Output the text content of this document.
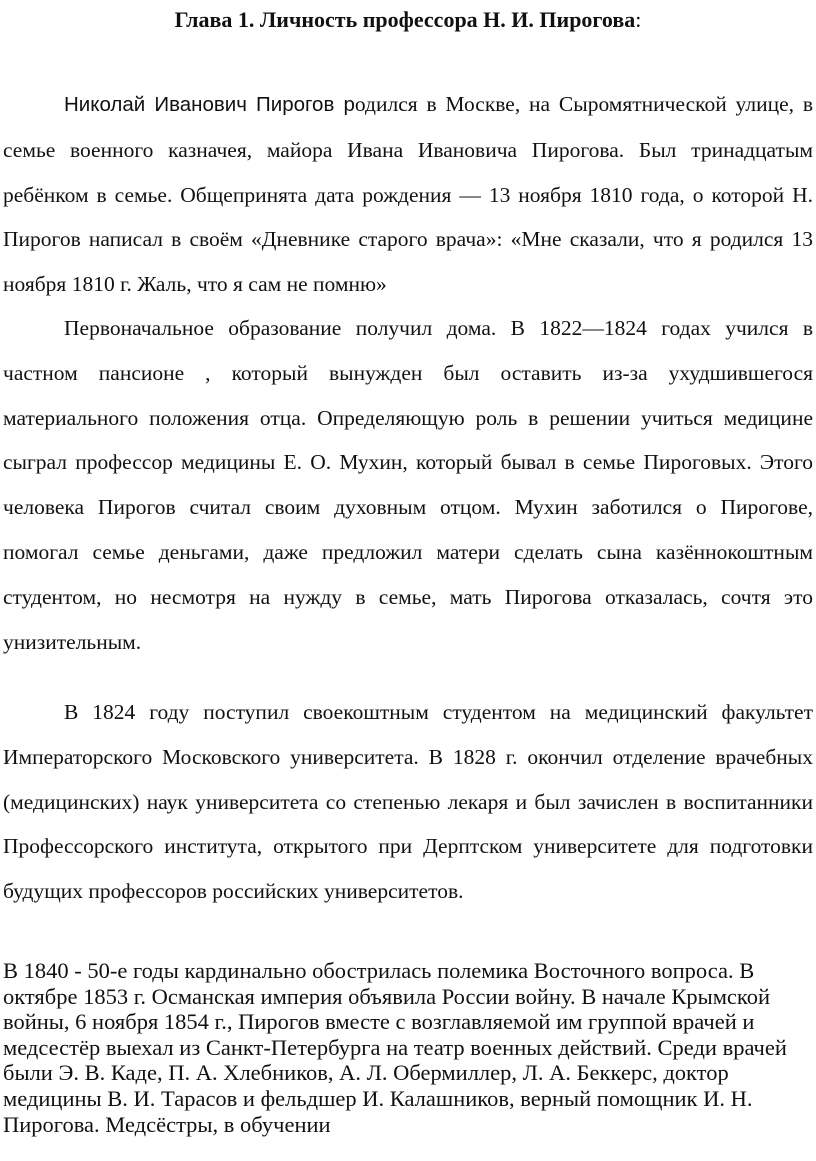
Глава 1. Личность профессора Н. И. Пирогова:

Николай Иванович Пирогов родился в Москве, на Сыромятнической улице, в семье военного казначея, майора Ивана Ивановича Пирогова. Был тринадцатым ребёнком в семье. Общепринята дата рождения — 13 ноября 1810 года, о которой Н. Пирогов написал в своём «Дневнике старого врача»: «Мне сказали, что я родился 13 ноября 1810 г. Жаль, что я сам не помню»

Первоначальное образование получил дома. В 1822—1824 годах учился в частном пансионе , который вынужден был оставить из-за ухудшившегося материального положения отца. Определяющую роль в решении учиться медицине сыграл профессор медицины Е. О. Мухин, который бывал в семье Пироговых. Этого человека Пирогов считал своим духовным отцом. Мухин заботился о Пирогове, помогал семье деньгами, даже предложил матери сделать сына казённокоштным студентом, но несмотря на нужду в семье, мать Пирогова отказалась, сочтя это унизительным.

В 1824 году поступил своекоштным студентом на медицинский факультет Императорского Московского университета. В 1828 г. окончил отделение врачебных (медицинских) наук университета со степенью лекаря и был зачислен в воспитанники Профессорского института, открытого при Дерптском университете для подготовки будущих профессоров российских университетов.

В 1840 - 50-е годы кардинально обострилась полемика Восточного вопроса. В октябре 1853 г. Османская империя объявила России войну. В начале Крымской войны, 6 ноября 1854 г., Пирогов вместе с возглавляемой им группой врачей и медсестёр выехал из Санкт-Петербурга на театр военных действий. Среди врачей были Э. В. Каде, П. А. Хлебников, А. Л. Обермиллер, Л. А. Беккерс, доктор медицины В. И. Тарасов и фельдшер И. Калашников, верный помощник И. Н. Пирогова. Медсёстры, в обучении
